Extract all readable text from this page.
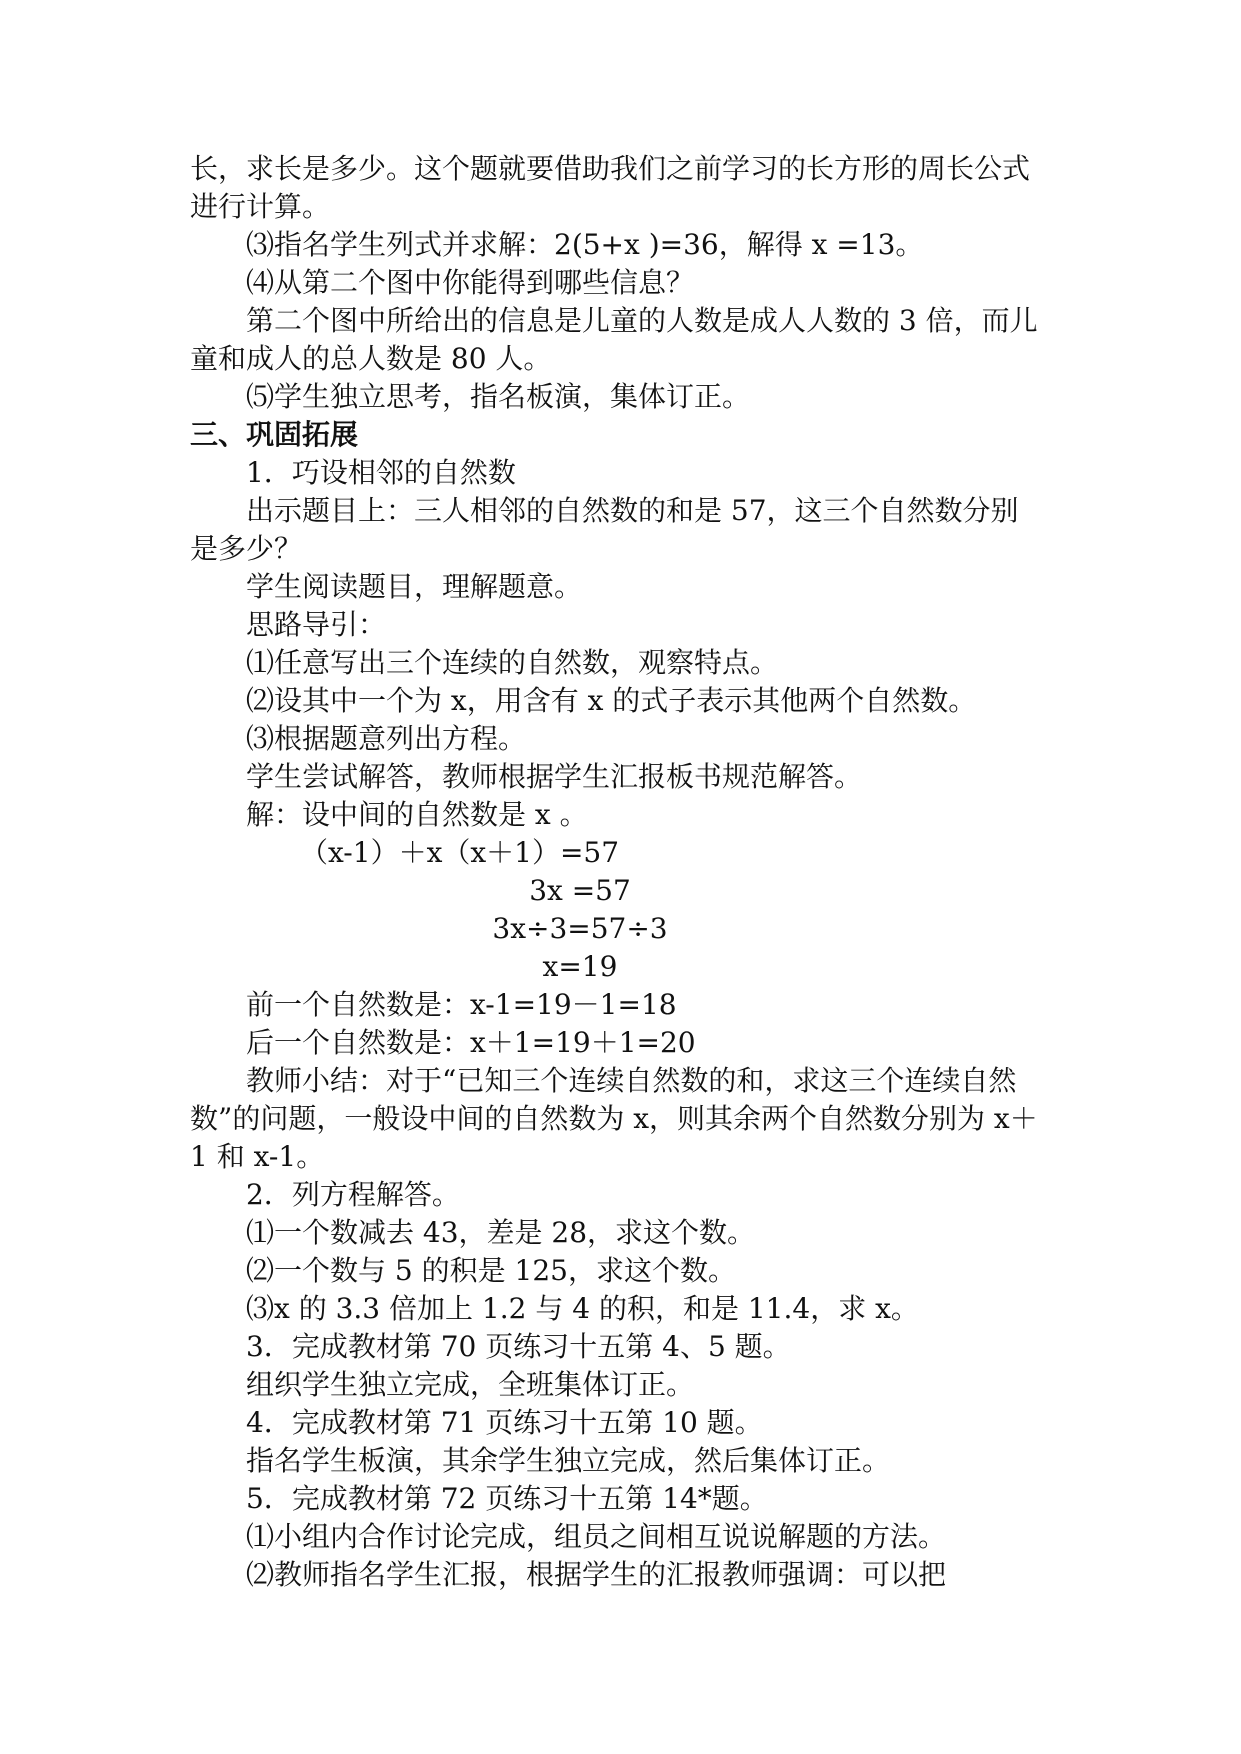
长，求长是多少。这个题就要借助我们之前学习的长方形的周长公式
进行计算。
⑶指名学生列式并求解：2(5+x )=36，解得 x =13。
⑷从第二个图中你能得到哪些信息？
第二个图中所给出的信息是儿童的人数是成人人数的 3 倍，而儿
童和成人的总人数是 80 人。
⑸学生独立思考，指名板演，集体订正。
三、巩固拓展
1．巧设相邻的自然数
出示题目上：三人相邻的自然数的和是 57，这三个自然数分别
是多少？
学生阅读题目，理解题意。
思路导引：
⑴任意写出三个连续的自然数，观察特点。
⑵设其中一个为 x，用含有 x 的式子表示其他两个自然数。
⑶根据题意列出方程。
学生尝试解答，教师根据学生汇报板书规范解答。
解：设中间的自然数是 x 。
（x-1）＋x（x＋1）=57
3x =57
3x÷3=57÷3
x=19
前一个自然数是：x-1=19－1=18
后一个自然数是：x＋1=19＋1=20
教师小结：对于“已知三个连续自然数的和，求这三个连续自然
数”的问题，一般设中间的自然数为 x，则其余两个自然数分别为 x＋
1 和 x-1。
2．列方程解答。
⑴一个数减去 43，差是 28，求这个数。
⑵一个数与 5 的积是 125，求这个数。
⑶x 的 3.3 倍加上 1.2 与 4 的积，和是 11.4，求 x。
3．完成教材第 70 页练习十五第 4、5 题。
组织学生独立完成，全班集体订正。
4．完成教材第 71 页练习十五第 10 题。
指名学生板演，其余学生独立完成，然后集体订正。
5．完成教材第 72 页练习十五第 14*题。
⑴小组内合作讨论完成，组员之间相互说说解题的方法。
⑵教师指名学生汇报，根据学生的汇报教师强调：可以把
